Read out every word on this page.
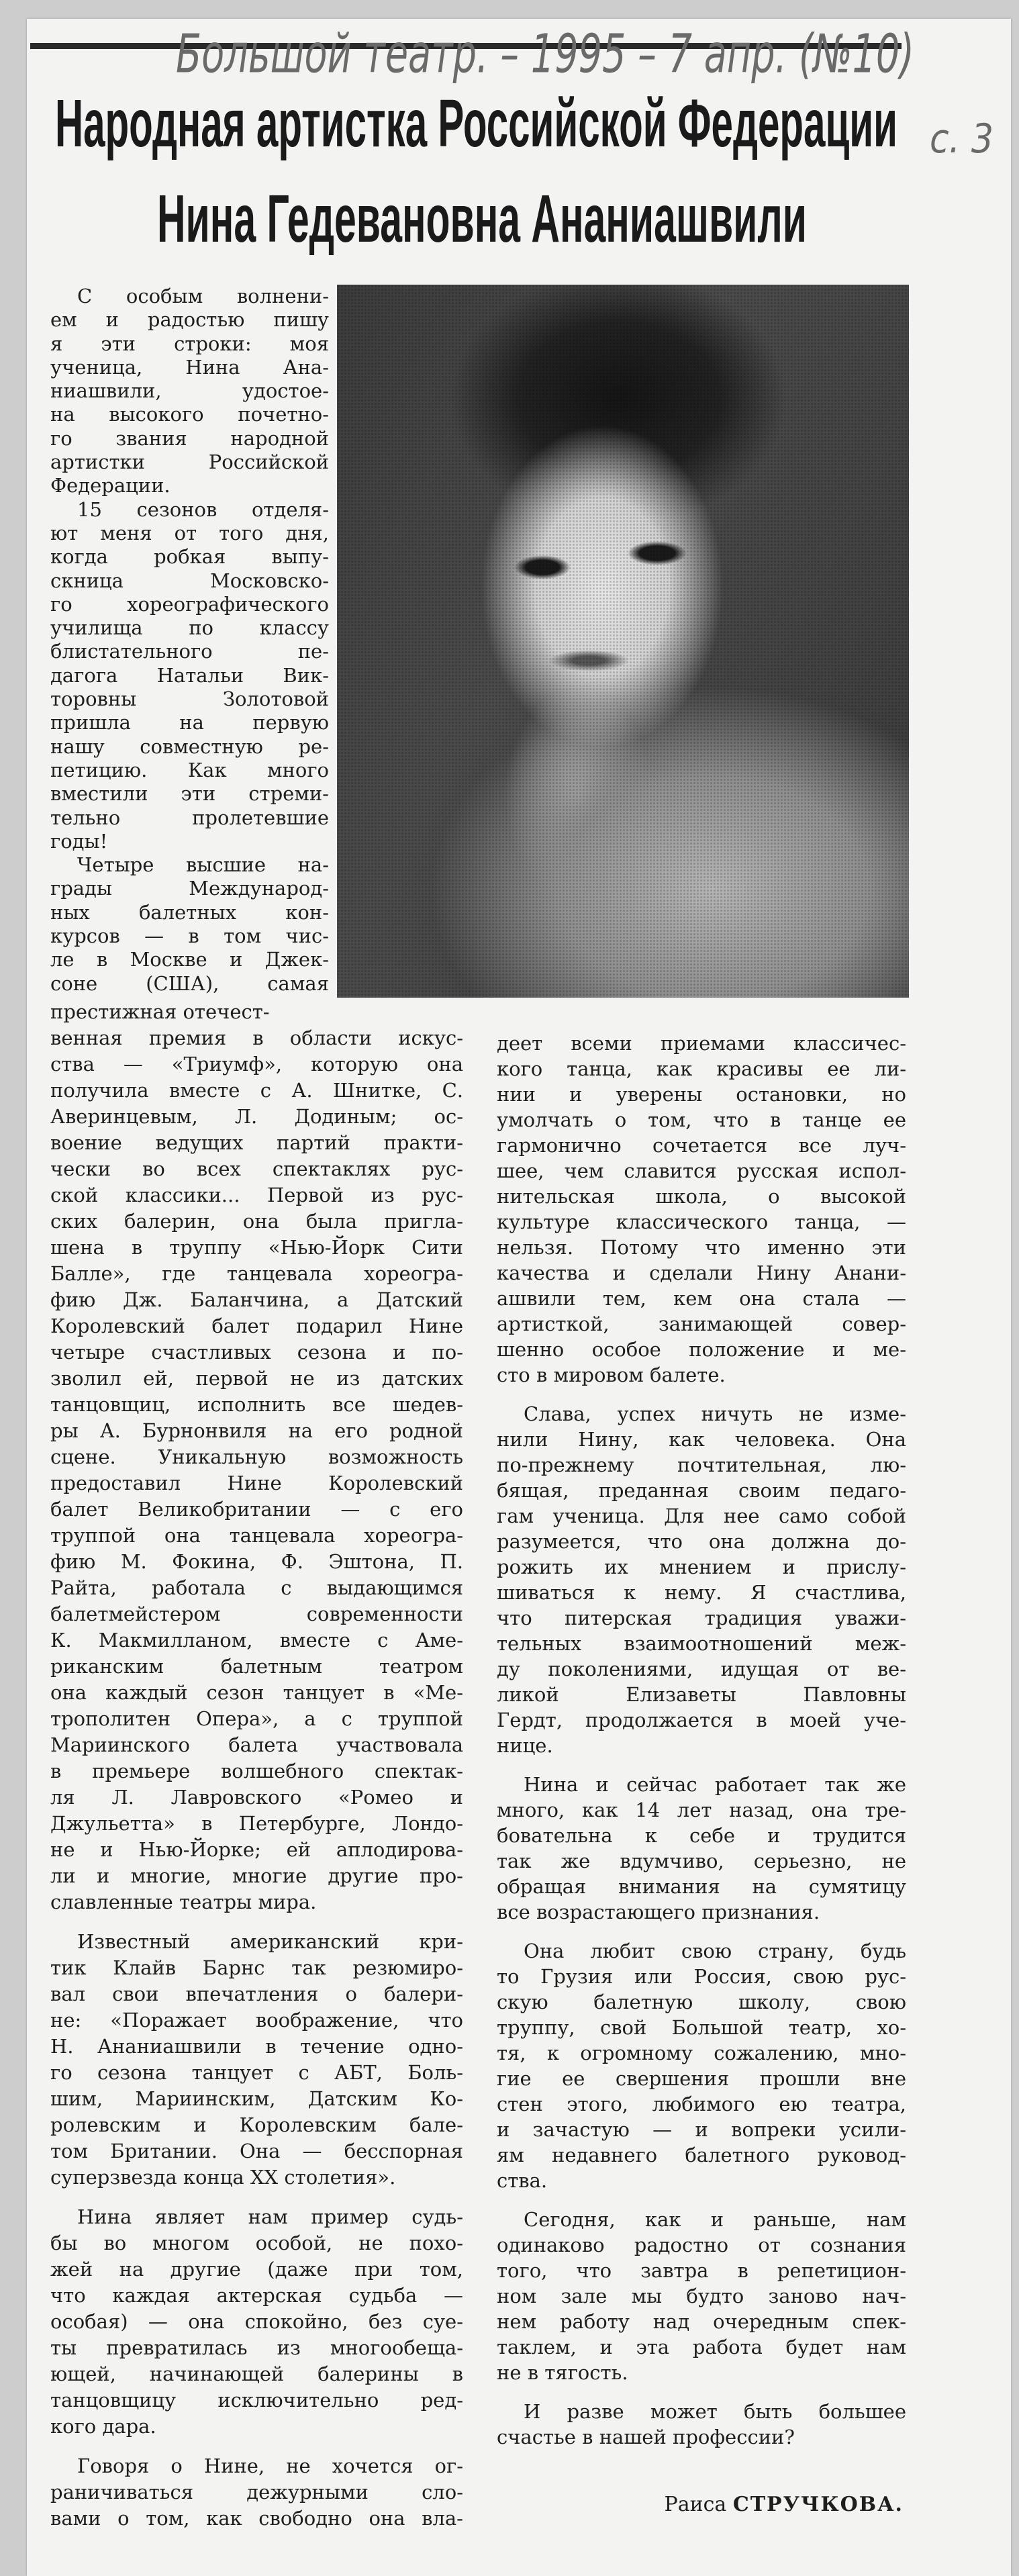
Большой театр. – 1995 – 7 апр. (№10)
с. 3
Народная артистка Российской Федерации
Нина Гедевановна Ананиашвили
С особым волнени-
ем и радостью пишу
я эти строки: моя
ученица, Нина Ана-
ниашвили, удостое-
на высокого почетно-
го звания народной
артистки Российской
Федерации.
15 сезонов отделя-
ют меня от того дня,
когда робкая выпу-
скница Московско-
го хореографического
училища по классу
блистательного пе-
дагога Натальи Вик-
торовны Золотовой
пришла на первую
нашу совместную ре-
петицию. Как много
вместили эти стреми-
тельно пролетевшие
годы!
Четыре высшие на-
грады Международ-
ных балетных кон-
курсов — в том чис-
ле в Москве и Джек-
соне (США), самая
престижная отечест-
венная премия в области искус-
ства — «Триумф», которую она
получила вместе с А. Шнитке, С.
Аверинцевым, Л. Додиным; ос-
воение ведущих партий практи-
чески во всех спектаклях рус-
ской классики... Первой из рус-
ских балерин, она была пригла-
шена в труппу «Нью-Йорк Сити
Балле», где танцевала хореогра-
фию Дж. Баланчина, а Датский
Королевский балет подарил Нине
четыре счастливых сезона и по-
зволил ей, первой не из датских
танцовщиц, исполнить все шедев-
ры А. Бурнонвиля на его родной
сцене. Уникальную возможность
предоставил Нине Королевский
балет Великобритании — с его
труппой она танцевала хореогра-
фию М. Фокина, Ф. Эштона, П.
Райта, работала с выдающимся
балетмейстером современности
К. Макмилланом, вместе с Аме-
риканским балетным театром
она каждый сезон танцует в «Ме-
трополитен Опера», а с труппой
Мариинского балета участвовала
в премьере волшебного спектак-
ля Л. Лавровского «Ромео и
Джульетта» в Петербурге, Лондо-
не и Нью-Йорке; ей аплодирова-
ли и многие, многие другие про-
славленные театры мира.
Известный американский кри-
тик Клайв Барнс так резюмиро-
вал свои впечатления о балери-
не: «Поражает воображение, что
Н. Ананиашвили в течение одно-
го сезона танцует с АБТ, Боль-
шим, Мариинским, Датским Ко-
ролевским и Королевским бале-
том Британии. Она — бесспорная
суперзвезда конца XX столетия».
Нина являет нам пример судь-
бы во многом особой, не похо-
жей на другие (даже при том,
что каждая актерская судьба —
особая) — она спокойно, без суе-
ты превратилась из многообеща-
ющей, начинающей балерины в
танцовщицу исключительно ред-
кого дара.
Говоря о Нине, не хочется ог-
раничиваться дежурными сло-
вами о том, как свободно она вла-
деет всеми приемами классичес-
кого танца, как красивы ее ли-
нии и уверены остановки, но
умолчать о том, что в танце ее
гармонично сочетается все луч-
шее, чем славится русская испол-
нительская школа, о высокой
культуре классического танца, —
нельзя. Потому что именно эти
качества и сделали Нину Анани-
ашвили тем, кем она стала —
артисткой, занимающей совер-
шенно особое положение и ме-
сто в мировом балете.
Слава, успех ничуть не изме-
нили Нину, как человека. Она
по-прежнему почтительная, лю-
бящая, преданная своим педаго-
гам ученица. Для нее само собой
разумеется, что она должна до-
рожить их мнением и прислу-
шиваться к нему. Я счастлива,
что питерская традиция уважи-
тельных взаимоотношений меж-
ду поколениями, идущая от ве-
ликой Елизаветы Павловны
Гердт, продолжается в моей уче-
нице.
Нина и сейчас работает так же
много, как 14 лет назад, она тре-
бовательна к себе и трудится
так же вдумчиво, серьезно, не
обращая внимания на сумятицу
все возрастающего признания.
Она любит свою страну, будь
то Грузия или Россия, свою рус-
скую балетную школу, свою
труппу, свой Большой театр, хо-
тя, к огромному сожалению, мно-
гие ее свершения прошли вне
стен этого, любимого ею театра,
и зачастую — и вопреки усили-
ям недавнего балетного руковод-
ства.
Сегодня, как и раньше, нам
одинаково радостно от сознания
того, что завтра в репетицион-
ном зале мы будто заново нач-
нем работу над очередным спек-
таклем, и эта работа будет нам
не в тягость.
И разве может быть большее
счастье в нашей профессии?
Раиса СТРУЧКОВА.
